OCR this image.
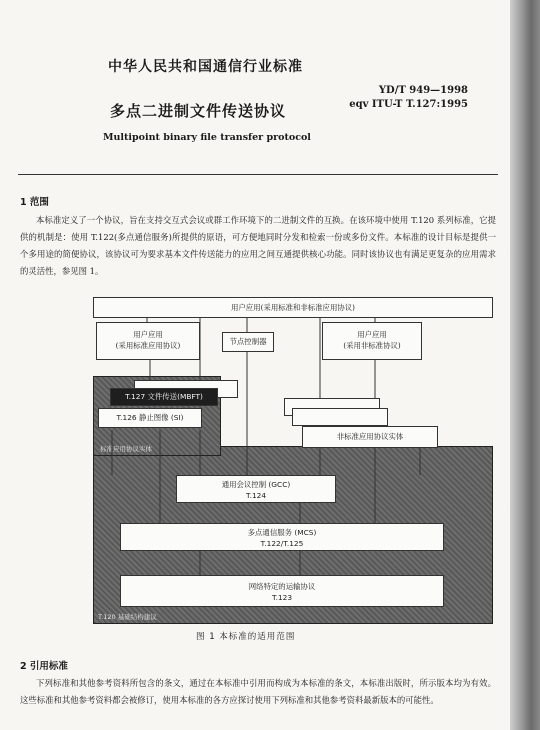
中华人民共和国通信行业标准
YD/T 949—1998
eqv ITU-T T.127:1995
多点二进制文件传送协议
Multipoint binary file transfer protocol
1 范围
本标准定义了一个协议，旨在支持交互式会议或群工作环境下的二进制文件的互换。在该环境中使用 T.120 系列标准，它提供的机制是：使用 T.122(多点通信服务)所提供的原语，可方便地同时分发和检索一份或多份文件。本标准的设计目标是提供一个多用途的简便协议，该协议可为要求基本文件传送能力的应用之间互通提供核心功能。同时该协议也有满足更复杂的应用需求的灵活性，参见图 1。
T.120 基础结构建议
标准应用协议实体
用户应用(采用标准和非标准应用协议)
用户应用
(采用标准应用协议)	节点控制器
用户应用
(采用非标准协议)
T.127 文件传送(MBFT)
T.126 静止图像 (SI)
非标准应用协议实体
通用会议控制 (GCC)
T.124
多点通信服务 (MCS)
T.122/T.125
网络特定的运输协议
T.123
图 1 本标准的适用范围
2 引用标准
下列标准和其他参考资料所包含的条文，通过在本标准中引用而构成为本标准的条文，本标准出版时，所示版本均为有效。这些标准和其他参考资料都会被修订，使用本标准的各方应探讨使用下列标准和其他参考资料最新版本的可能性。
